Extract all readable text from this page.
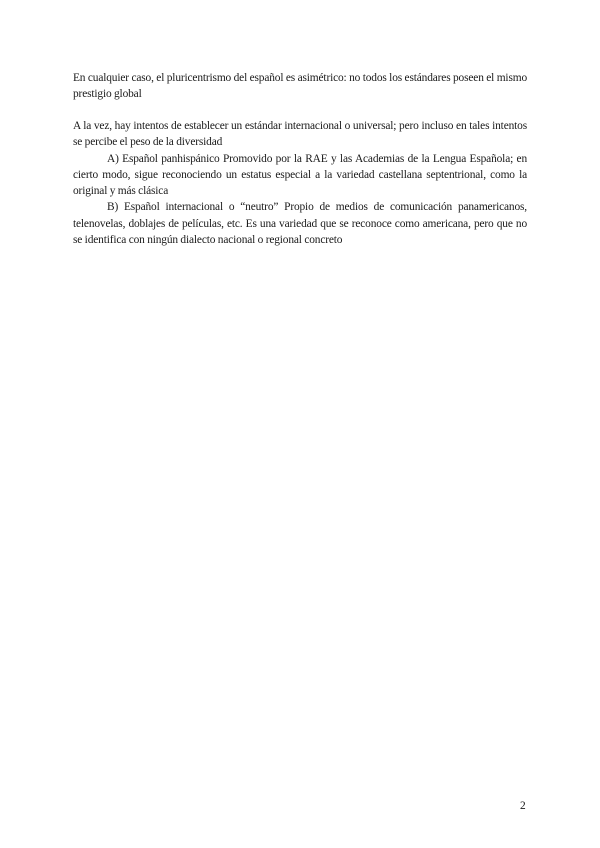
En cualquier caso, el pluricentrismo del español es asimétrico: no todos los estándares poseen el mismo prestigio global

A la vez, hay intentos de establecer un estándar internacional o universal; pero incluso en tales intentos se percibe el peso de la diversidad

A) Español panhispánico Promovido por la RAE y las Academias de la Lengua Española; en cierto modo, sigue reconociendo un estatus especial a la variedad castellana septentrional, como la original y más clásica

B) Español internacional o “neutro” Propio de medios de comunicación panamericanos, telenovelas, doblajes de películas, etc. Es una variedad que se reconoce como americana, pero que no se identifica con ningún dialecto nacional o regional concreto

2
